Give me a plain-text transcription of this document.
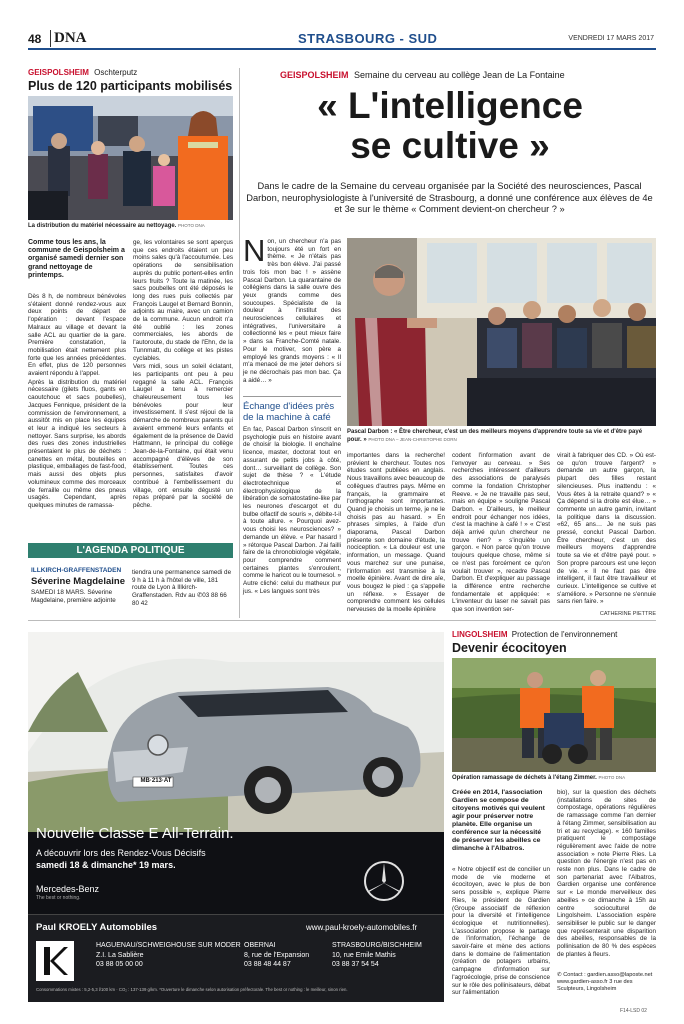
48 DNA	STRASBOURG - SUD	VENDREDI 17 MARS 2017
GEISPOLSHEIM Oschterputz
Plus de 120 participants mobilisés
La distribution du matériel nécessaire au nettoyage. PHOTO DNA
Comme tous les ans, la commune de Geispolsheim a organisé samedi dernier son grand nettoyage de printemps.

Dès 8 h, de nombreux bénévoles s'étaient donné rendez-vous aux deux points de départ de l'opération : devant l'espace Malraux au village et devant la salle ACL au quartier de la gare. Première constatation, la mobilisation était nettement plus forte que les années précédentes. En effet, plus de 120 personnes avaient répondu à l'appel.

Après la distribution du matériel nécessaire (gilets fluos, gants en caoutchouc et sacs poubelles), Jacques Fennique, président de la commission de l'environnement, a aussitôt mis en place les équipes et leur a indiqué les secteurs à nettoyer. Sans surprise, les abords des rues des zones industrielles présentaient le plus de déchets : canettes en métal, bouteilles en plastique, emballages de fast-food, mais aussi des objets plus volumineux comme des morceaux de ferraille ou même des pneus usagés. Cependant, après quelques minutes de ramassa-

ge, les volontaires se sont aperçus que ces endroits étaient un peu moins sales qu'à l'accoutumée. Les opérations de sensibilisation auprès du public portent-elles enfin leurs fruits ? Toute la matinée, les sacs poubelles ont été déposés le long des rues puis collectés par François Laugel et Bernard Bonnin, adjoints au maire, avec un camion de la commune. Aucun endroit n'a été oublié : les zones commerciales, les abords de l'autoroute, du stade de l'Ehn, de la Tunnmatt, du collège et les pistes cyclables.

Vers midi, sous un soleil éclatant, les participants ont peu à peu regagné la salle ACL. François Laugel a tenu à remercier chaleureusement tous les bénévoles pour leur investissement. Il s'est réjoui de la démarche de nombreux parents qui avaient emmené leurs enfants et également de la présence de David Hattmann, le principal du collège Jean-de-la-Fontaine, qui était venu accompagné d'élèves de son établissement. Toutes ces personnes, satisfaites d'avoir contribué à l'embellissement du village, ont ensuite dégusté un repas préparé par la société de pêche.

L'AGENDA POLITIQUE
ILLKIRCH-GRAFFENSTADEN
Séverine Magdelaine
SAMEDI 18 MARS. Séverine Magdelaine, première adjointe
tiendra une permanence samedi de 9 h à 11 h à l'hôtel de ville, 181 route de Lyon à Illkirch-Graffenstaden. Rdv au ✆03 88 66 80 42
GEISPOLSHEIM Semaine du cerveau au collège Jean de La Fontaine
« L'intelligence
se cultive »
Dans le cadre de la Semaine du cerveau organisée par la Société des neurosciences, Pascal Darbon, neurophysiologiste à l'université de Strasbourg, a donné une conférence aux élèves de 4e et 3e sur le thème « Comment devient-on chercheur ? »
N on, un chercheur n'a pas toujours été un fort en thème. « Je n'étais pas très bon élève. J'ai passé trois fois mon bac ! » assène Pascal Darbon. La quarantaine de collégiens dans la salle ouvre des yeux grands comme des soucoupes. Spécialiste de la douleur à l'institut des neurosciences cellulaires et intégratives, l'universitaire a collectionné les « peut mieux faire » dans sa Franche-Comté natale. Pour le motiver, son père a employé les grands moyens : « Il m'a menacé de me jeter dehors si je ne décrochais pas mon bac. Ça a aidé… »
Échange d'idées près de la machine à café
En fac, Pascal Darbon s'inscrit en psychologie puis en histoire avant de choisir la biologie. Il enchaîne licence, master, doctorat tout en assurant de petits jobs à côté, dont… surveillant de collège. Son sujet de thèse ? « L'étude électrotechnique et électrophysiologique de la libération de somatostatine-like par les neurones d'escargot et du bulbe olfactif de souris », débite-t-il à toute allure. « Pourquoi avez-vous choisi les neurosciences? » demande un élève. « Par hasard ! » rétorque Pascal Darbon. J'ai failli faire de la chronobiologie végétale, pour comprendre comment certaines plantes s'enroulent, comme le haricot ou le tournesol. » Autre cliché: celui du matheux pur jus. « Les langues sont très
Pascal Darbon : « Être chercheur, c'est un des meilleurs moyens d'apprendre toute sa vie et d'être payé pour. » PHOTO DNA – JEAN-CHRISTOPHE DORN
importantes dans la recherche! prévient le chercheur. Toutes nos études sont publiées en anglais. Nous travaillons avec beaucoup de collègues d'autres pays. Même en français, la grammaire et l'orthographe sont importantes. Quand je choisis un terme, je ne le choisis pas au hasard. » En phrases simples, à l'aide d'un diaporama, Pascal Darbon présente son domaine d'étude, la nociception. « La douleur est une information, un message. Quand vous marchez sur une punaise, l'information est transmise à la moelle épinière. Avant de dire aïe, vous bougez le pied : ça s'appelle un réflexe. » Essayer de comprendre comment les cellules nerveuses de la moelle épinière
codent l'information avant de l'envoyer au cerveau. » Ses recherches intéressent d'ailleurs des associations de paralysés comme la fondation Christopher Reeve. « Je ne travaille pas seul, mais en équipe » souligne Pascal Darbon. « D'ailleurs, le meilleur endroit pour échanger nos idées, c'est la machine à café ! » « C'est déjà arrivé qu'un chercheur ne trouve rien? » s'inquiète un garçon. « Non parce qu'on trouve toujours quelque chose, même si ce n'est pas forcément ce qu'on voulait trouver », recadre Pascal Darbon. Et d'expliquer au passage la différence entre recherche fondamentale et appliquée: « L'inventeur du laser ne savait pas que son invention ser-
virait à fabriquer des CD. » Où est-ce qu'on trouve l'argent? » demande un autre garçon, la plupart des filles restant silencieuses. Plus inattendu : « Vous êtes à la retraite quand? » « Ça dépend si la droite est élue… » commente un autre gamin, invitant la politique dans la discussion. «62, 65 ans… Je ne suis pas pressé, conclut Pascal Darbon. Être chercheur, c'est un des meilleurs moyens d'apprendre toute sa vie et d'être payé pour. » Son propre parcours est une leçon de vie. « Il ne faut pas être intelligent, il faut être travailleur et curieux. L'intelligence se cultive et s'améliore. » Personne ne s'ennuie sans rien faire. »
CATHERINE PIETTRE
MB·213·AT
Nouvelle Classe E All-Terrain.
A découvrir lors des Rendez-Vous Décisifs
samedi 18 & dimanche* 19 mars.
Mercedes-Benz
The best or nothing.
Paul KROELY Automobiles	www.paul-kroely-automobiles.fr
HAGUENAU/SCHWEIGHOUSE SUR MODER
Z.I. La Sablière
03 88 05 00 00
OBERNAI
8, rue de l'Expansion
03 88 48 44 87
STRASBOURG/BISCHHEIM
10, rue Emile Mathis
03 88 37 54 54
Consommations mixtes : 5,2-5,3 l/100 km · CO₂ : 137-139 g/km. *Ouverture le dimanche selon autorisation préfectorale. The best or nothing : le meilleur, sinon rien.
LINGOLSHEIM Protection de l'environnement
Devenir écocitoyen
Opération ramassage de déchets à l'étang Zimmer. PHOTO DNA
Créée en 2014, l'association Gardien se compose de citoyens motivés qui veulent agir pour préserver notre planète. Elle organise un conférence sur la nécessité de préserver les abeilles ce dimanche à l'Albatros.
« Notre objectif est de concilier un mode de vie moderne et écocitoyen, avec le plus de bon sens possible », explique Pierre Ries, le président de Gardien (Groupe associatif de réflexion pour la diversité et l'intelligence écologique et nutritionnelles). L'association propose le partage de l'information, l'échange de savoir-faire et mène des actions dans le domaine de l'alimentation (création de potagers urbains, campagne d'information sur l'agroécologie, prise de conscience sur le rôle des pollinisateurs, débat sur l'alimentation
bio), sur la question des déchets (installations de sites de compostage, opérations régulières de ramassage comme l'an dernier à l'étang Zimmer, sensibilisation au tri et au recyclage). « 160 familles pratiquent le compostage régulièrement avec l'aide de notre association » note Pierre Ries. La question de l'énergie n'est pas en reste non plus. Dans le cadre de son partenariat avec l'Albatros, Gardien organise une conférence sur « Le monde merveilleux des abeilles » ce dimanche à 15h au centre socioculturel de Lingolsheim. L'association espère sensibiliser le public sur le danger que représenterait une disparition des abeilles, responsables de la pollinisation de 80 % des espèces de plantes à fleurs.
✆ Contact : gardien.asso@laposte.net www.gardien-asso.fr 3 rue des Sculpteurs, Lingolsheim
F14-LSD 02
